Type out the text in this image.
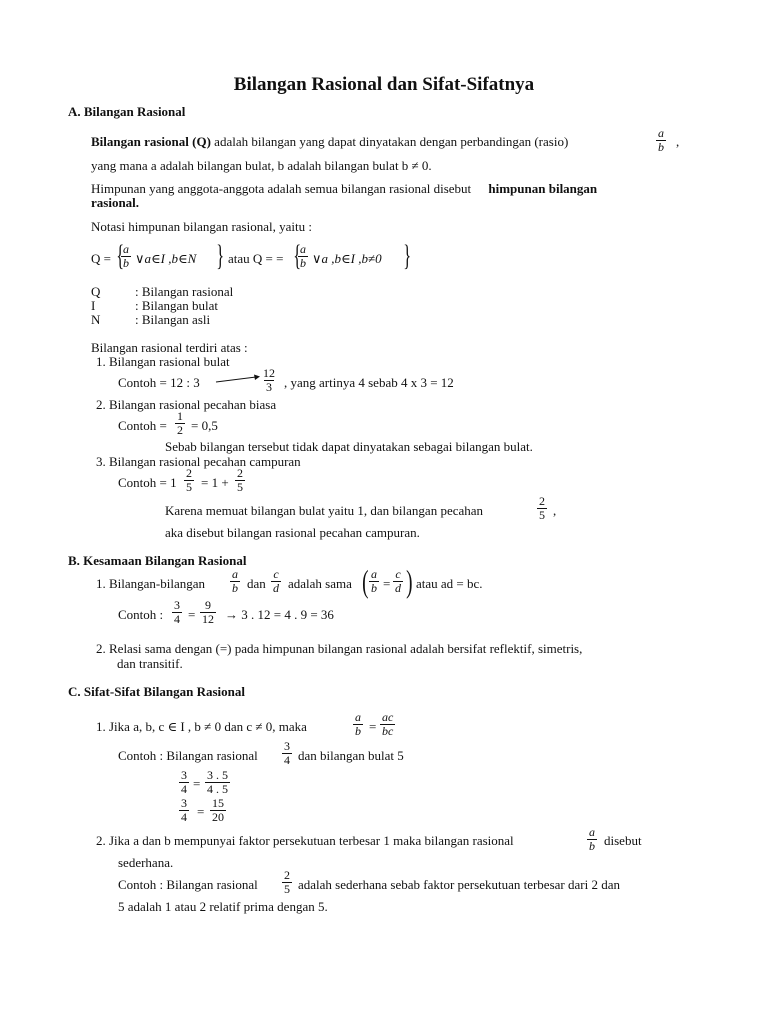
Bilangan Rasional dan Sifat-Sifatnya
A. Bilangan Rasional
Bilangan rasional (Q) adalah bilangan yang dapat dinyatakan dengan perbandingan (rasio)	$\frac{a}{b}$ ,
yang mana a adalah bilangan bulat, b adalah bilangan bulat b ≠ 0.
Himpunan yang anggota-anggota adalah semua bilangan rasional disebut himpunan bilangan
rasional.
Notasi himpunan bilangan rasional, yaitu :
Q = {
$\frac{a}{b}$ ∨a∈I ,b∈N } atau Q = = {
$\frac{a}{b}$ ∨a ,b∈I ,b≠0 }
Q	: Bilangan rasional
I	: Bilangan bulat
N	: Bilangan asli
Bilangan rasional terdiri atas :
1. Bilangan rasional bulat
Contoh = 12 : 3	$\frac{12}{3}$ , yang artinya 4 sebab 4 x 3 = 12
2. Bilangan rasional pecahan biasa
Contoh = $\frac{1}{2} = 0,5$
Sebab bilangan tersebut tidak dapat dinyatakan sebagai bilangan bulat.
3. Bilangan rasional pecahan campuran
Contoh = $1 \frac{2}{5} = 1 + \frac{2}{5}$
Karena memuat bilangan bulat yaitu 1, dan bilangan pecahan	$\frac{2}{5}$ ,
aka disebut bilangan rasional pecahan campuran.
B. Kesamaan Bilangan Rasional
1. Bilangan-bilangan $\frac{a}{b}$ dan $\frac{c}{d}$ adalah sama ( $\frac{a}{b} = \frac{c}{d}$ ) atau ad = bc.
Contoh : $\frac{3}{4} = \frac{9}{12} \to 3$ . 12 = 4 . 9 = 36
2. Relasi sama dengan (=) pada himpunan bilangan rasional adalah bersifat reflektif, simetris,
dan transitif.
C. Sifat-Sifat Bilangan Rasional
1. Jika a, b, c ∈ I , b ≠ 0 dan c ≠ 0, maka	$\frac{a}{b} = \frac{ac}{bc}$
Contoh : Bilangan rasional $\frac{3}{4}$ dan bilangan bulat 5
$\frac{3}{4} = \frac{3 . 5}{4 . 5}$
$\frac{3}{4} = \frac{15}{20}$
2. Jika a dan b mempunyai faktor persekutuan terbesar 1 maka bilangan rasional	$\frac{a}{b}$ disebut
sederhana.
Contoh : Bilangan rasional $\frac{2}{5}$ adalah sederhana sebab faktor persekutuan terbesar dari 2 dan
5 adalah 1 atau 2 relatif prima dengan 5.
